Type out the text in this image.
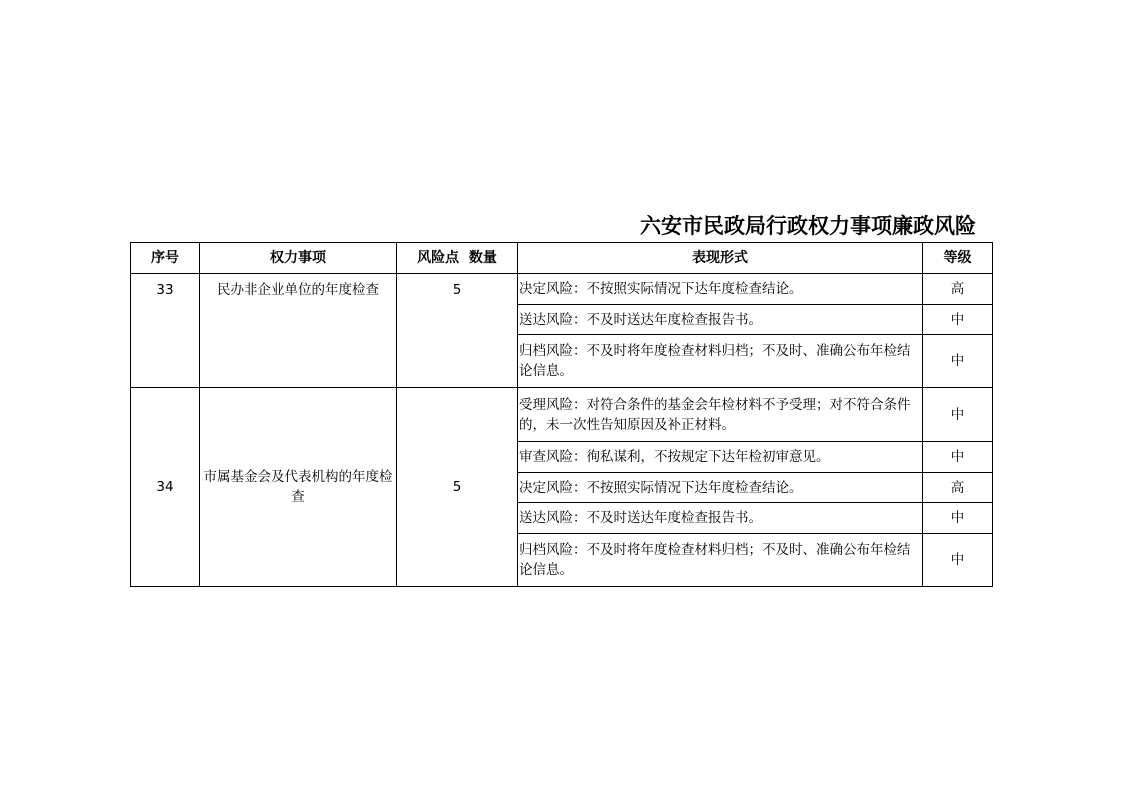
六安市民政局行政权力事项廉政风险
序号	权力事项	风险点  数量	表现形式	等级
33	民办非企业单位的年度检查	5	决定风险：不按照实际情况下达年度检查结论。	高
			送达风险：不及时送达年度检查报告书。	中
			归档风险：不及时将年度检查材料归档；不及时、准确公布年检结论信息。	中
34	市属基金会及代表机构的年度检查	5	受理风险：对符合条件的基金会年检材料不予受理；对不符合条件的，未一次性告知原因及补正材料。	中
			审查风险：徇私谋利，不按规定下达年检初审意见。	中
			决定风险：不按照实际情况下达年度检查结论。	高
			送达风险：不及时送达年度检查报告书。	中
			归档风险：不及时将年度检查材料归档；不及时、准确公布年检结论信息。	中
